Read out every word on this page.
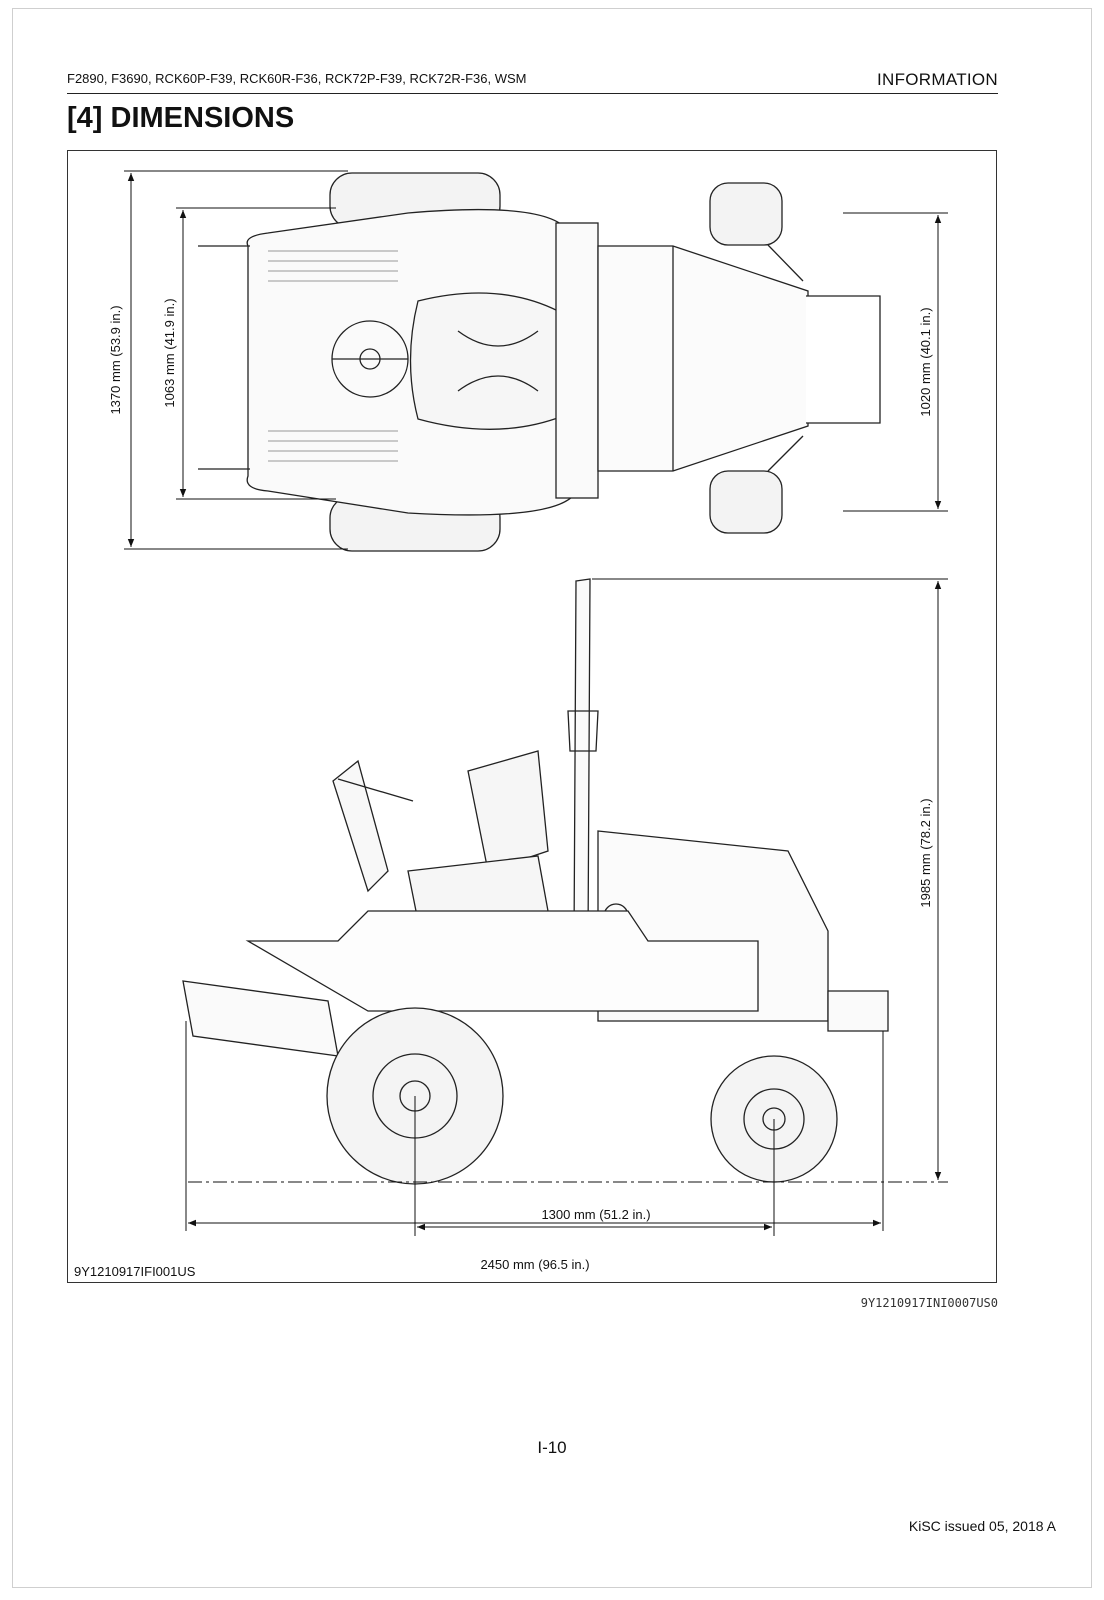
F2890, F3690, RCK60P-F39, RCK60R-F36, RCK72P-F39, RCK72R-F36, WSM	INFORMATION
[4] DIMENSIONS
1370 mm (53.9 in.)	1063 mm (41.9 in.)	1020 mm (40.1 in.)
1985 mm (78.2 in.)
1300 mm (51.2 in.)
2450 mm (96.5 in.)
9Y1210917IFI001US
9Y1210917INI0007US0
I-10
KiSC issued 05, 2018 A
